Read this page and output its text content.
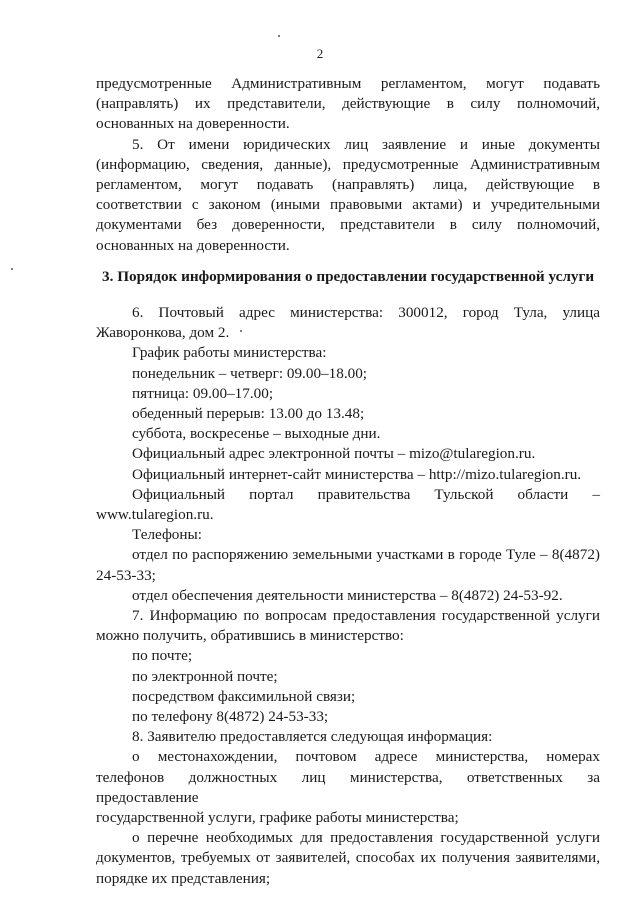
2

предусмотренные Административным регламентом, могут подавать

(направлять) их представители, действующие в силу полномочий,

основанных на доверенности.

5. От имени юридических лиц заявление и иные документы

(информацию, сведения, данные), предусмотренные Административным

регламентом, могут подавать (направлять) лица, действующие в

соответствии с законом (иными правовыми актами) и учредительными

документами без доверенности, представители в силу полномочий,

основанных на доверенности.

3. Порядок информирования о предоставлении государственной услуги

6. Почтовый адрес министерства: 300012, город Тула, улица

Жаворонкова, дом 2.

График работы министерства:

понедельник – четверг: 09.00–18.00;

пятница: 09.00–17.00;

обеденный перерыв: 13.00 до 13.48;

суббота, воскресенье – выходные дни.

Официальный адрес электронной почты – mizo@tularegion.ru.

Официальный интернет-сайт министерства – http://mizo.tularegion.ru.

Официальный портал правительства Тульской области –

www.tularegion.ru.

Телефоны:

отдел по распоряжению земельными участками в городе Туле – 8(4872)

24-53-33;

отдел обеспечения деятельности министерства – 8(4872) 24-53-92.

7. Информацию по вопросам предоставления государственной услуги

можно получить, обратившись в министерство:

по почте;

по электронной почте;

посредством факсимильной связи;

по телефону 8(4872) 24-53-33;

8. Заявителю предоставляется следующая информация:

о местонахождении, почтовом адресе министерства, номерах

телефонов должностных лиц министерства, ответственных за предоставление

государственной услуги, графике работы министерства;

о перечне необходимых для предоставления государственной услуги

документов, требуемых от заявителей, способах их получения заявителями,

порядке их представления;
